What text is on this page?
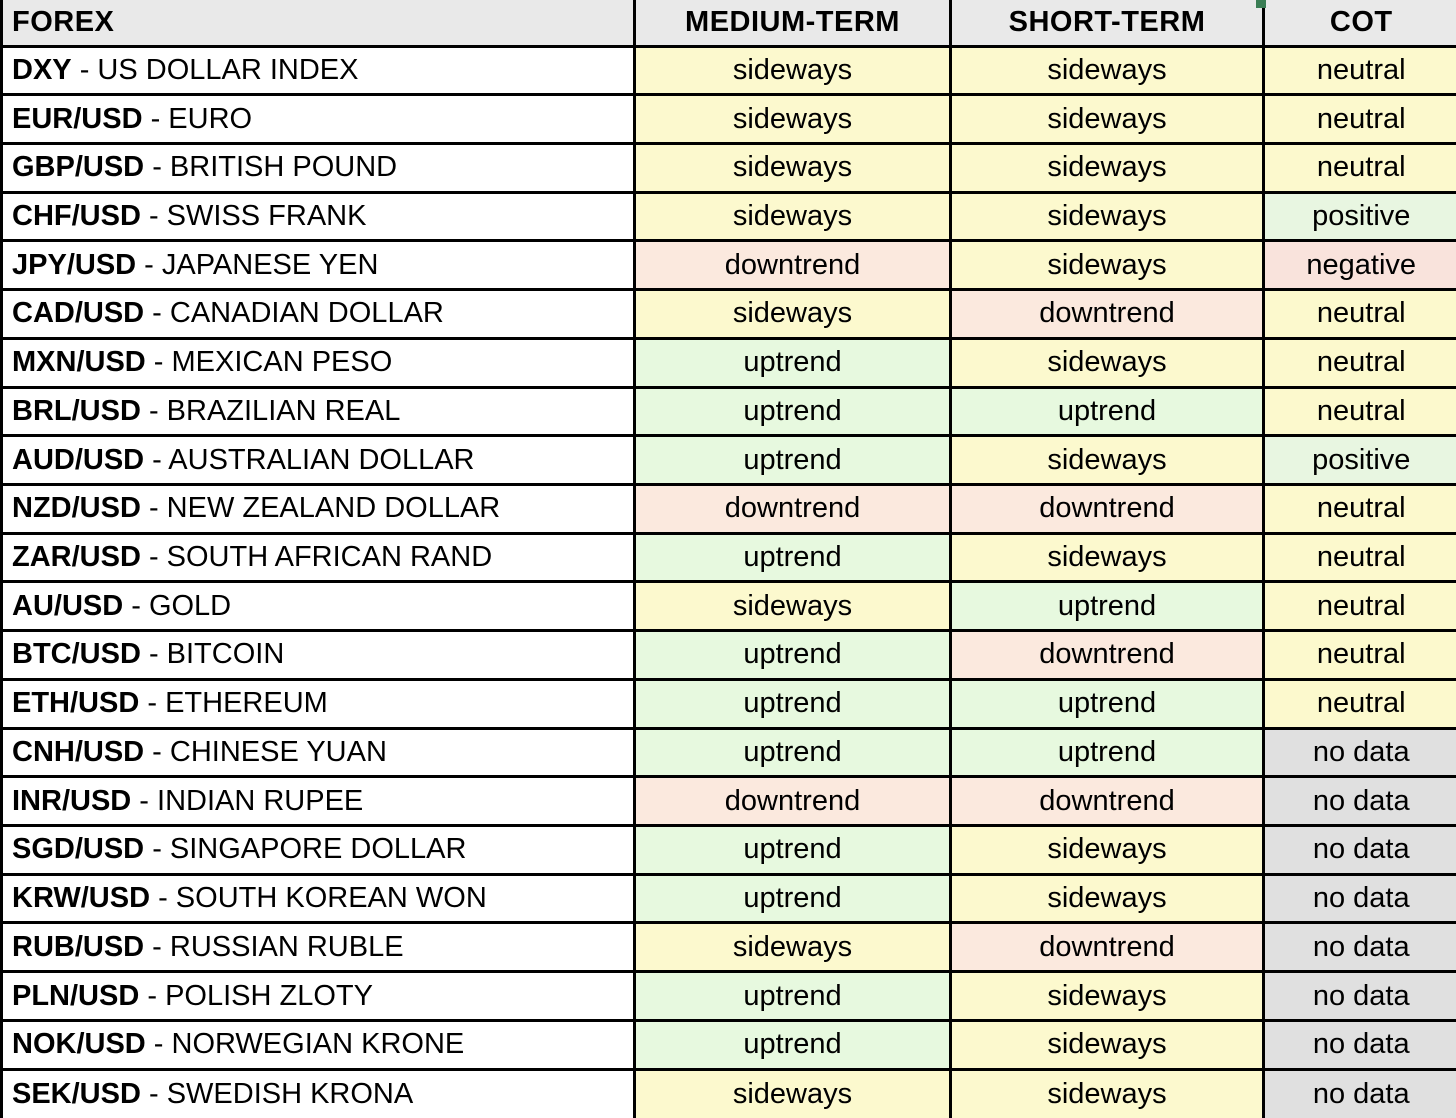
FOREX	MEDIUM-TERM	SHORT-TERM	COT
DXY - US DOLLAR INDEX	sideways	sideways	neutral
EUR/USD - EURO	sideways	sideways	neutral
GBP/USD - BRITISH POUND	sideways	sideways	neutral
CHF/USD - SWISS FRANK	sideways	sideways	positive
JPY/USD - JAPANESE YEN	downtrend	sideways	negative
CAD/USD - CANADIAN DOLLAR	sideways	downtrend	neutral
MXN/USD - MEXICAN PESO	uptrend	sideways	neutral
BRL/USD - BRAZILIAN REAL	uptrend	uptrend	neutral
AUD/USD - AUSTRALIAN DOLLAR	uptrend	sideways	positive
NZD/USD - NEW ZEALAND DOLLAR	downtrend	downtrend	neutral
ZAR/USD - SOUTH AFRICAN RAND	uptrend	sideways	neutral
AU/USD - GOLD	sideways	uptrend	neutral
BTC/USD - BITCOIN	uptrend	downtrend	neutral
ETH/USD - ETHEREUM	uptrend	uptrend	neutral
CNH/USD - CHINESE YUAN	uptrend	uptrend	no data
INR/USD - INDIAN RUPEE	downtrend	downtrend	no data
SGD/USD - SINGAPORE DOLLAR	uptrend	sideways	no data
KRW/USD - SOUTH KOREAN WON	uptrend	sideways	no data
RUB/USD - RUSSIAN RUBLE	sideways	downtrend	no data
PLN/USD - POLISH ZLOTY	uptrend	sideways	no data
NOK/USD - NORWEGIAN KRONE	uptrend	sideways	no data
SEK/USD - SWEDISH KRONA	sideways	sideways	no data
